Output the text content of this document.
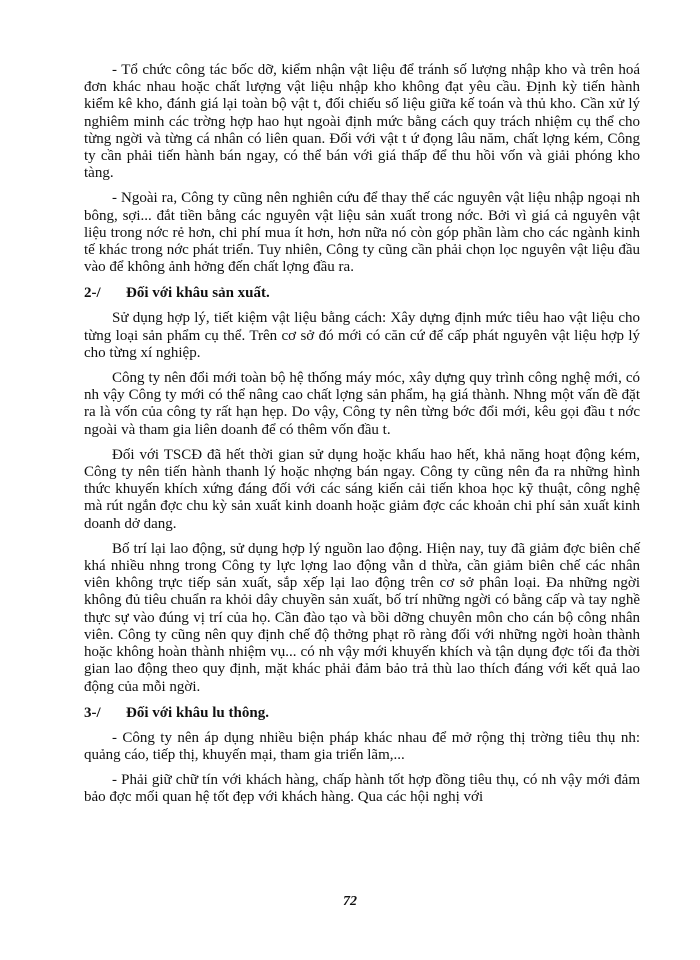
- Tổ chức công tác bốc dỡ, kiểm nhận vật liệu để tránh số lượng nhập kho và trên hoá đơn khác nhau hoặc chất lượng vật liệu nhập kho không đạt yêu cầu. Định kỳ tiến hành kiểm kê kho, đánh giá lại toàn bộ vật t, đối chiếu số liệu giữa kế toán và thủ kho. Cần xử lý nghiêm minh các trờng hợp hao hụt ngoài định mức bằng cách quy trách nhiệm cụ thể cho từng ngời và từng cá nhân có liên quan. Đối với vật t ứ đọng lâu năm, chất lợng kém, Công ty cần phải tiến hành bán ngay, có thể bán với giá thấp để thu hồi vốn và giải phóng kho tàng.

- Ngoài ra, Công ty cũng nên nghiên cứu để thay thế các nguyên vật liệu nhập ngoại nh bông, sợi... đắt tiền bằng các nguyên vật liệu sản xuất trong nớc. Bởi vì giá cả nguyên vật liệu trong nớc rẻ hơn, chi phí mua ít hơn, hơn nữa nó còn góp phần làm cho các ngành kinh tế khác trong nớc phát triển. Tuy nhiên, Công ty cũng cần phải chọn lọc nguyên vật liệu đầu vào để không ảnh hởng đến chất lợng đầu ra.

2-/ Đối với khâu sản xuất.

Sử dụng hợp lý, tiết kiệm vật liệu bằng cách: Xây dựng định mức tiêu hao vật liệu cho từng loại sản phẩm cụ thể. Trên cơ sở đó mới có căn cứ để cấp phát nguyên vật liệu hợp lý cho từng xí nghiệp.

Công ty nên đổi mới toàn bộ hệ thống máy móc, xây dựng quy trình công nghệ mới, có nh vậy Công ty mới có thể nâng cao chất lợng sản phẩm, hạ giá thành. Nhng một vấn đề đặt ra là vốn của công ty rất hạn hẹp. Do vậy, Công ty nên từng bớc đổi mới, kêu gọi đầu t nớc ngoài và tham gia liên doanh để có thêm vốn đầu t.

Đối với TSCĐ đã hết thời gian sử dụng hoặc khấu hao hết, khả năng hoạt động kém, Công ty nên tiến hành thanh lý hoặc nhợng bán ngay. Công ty cũng nên đa ra những hình thức khuyến khích xứng đáng đối với các sáng kiến cải tiến khoa học kỹ thuật, công nghệ mà rút ngắn đợc chu kỳ sản xuất kinh doanh hoặc giảm đợc các khoản chi phí sản xuất kinh doanh dở dang.

Bố trí lại lao động, sử dụng hợp lý nguồn lao động. Hiện nay, tuy đã giảm đợc biên chế khá nhiều nhng trong Công ty lực lợng lao động vẫn d thừa, cần giảm biên chế các nhân viên không trực tiếp sản xuất, sắp xếp lại lao động trên cơ sở phân loại. Đa những ngời không đủ tiêu chuẩn ra khỏi dây chuyền sản xuất, bố trí những ngời có bằng cấp và tay nghề thực sự vào đúng vị trí của họ. Cần đào tạo và bồi dỡng chuyên môn cho cán bộ công nhân viên. Công ty cũng nên quy định chế độ thởng phạt rõ ràng đối với những ngời hoàn thành hoặc không hoàn thành nhiệm vụ... có nh vậy mới khuyến khích và tận dụng đợc tối đa thời gian lao động theo quy định, mặt khác phải đảm bảo trả thù lao thích đáng với kết quả lao động của mỗi ngời.

3-/ Đối với khâu lu thông.

- Công ty nên áp dụng nhiều biện pháp khác nhau để mở rộng thị trờng tiêu thụ nh: quảng cáo, tiếp thị, khuyến mại, tham gia triển lãm,...

- Phải giữ chữ tín với khách hàng, chấp hành tốt hợp đồng tiêu thụ, có nh vậy mới đảm bảo đợc mối quan hệ tốt đẹp với khách hàng. Qua các hội nghị với

72
